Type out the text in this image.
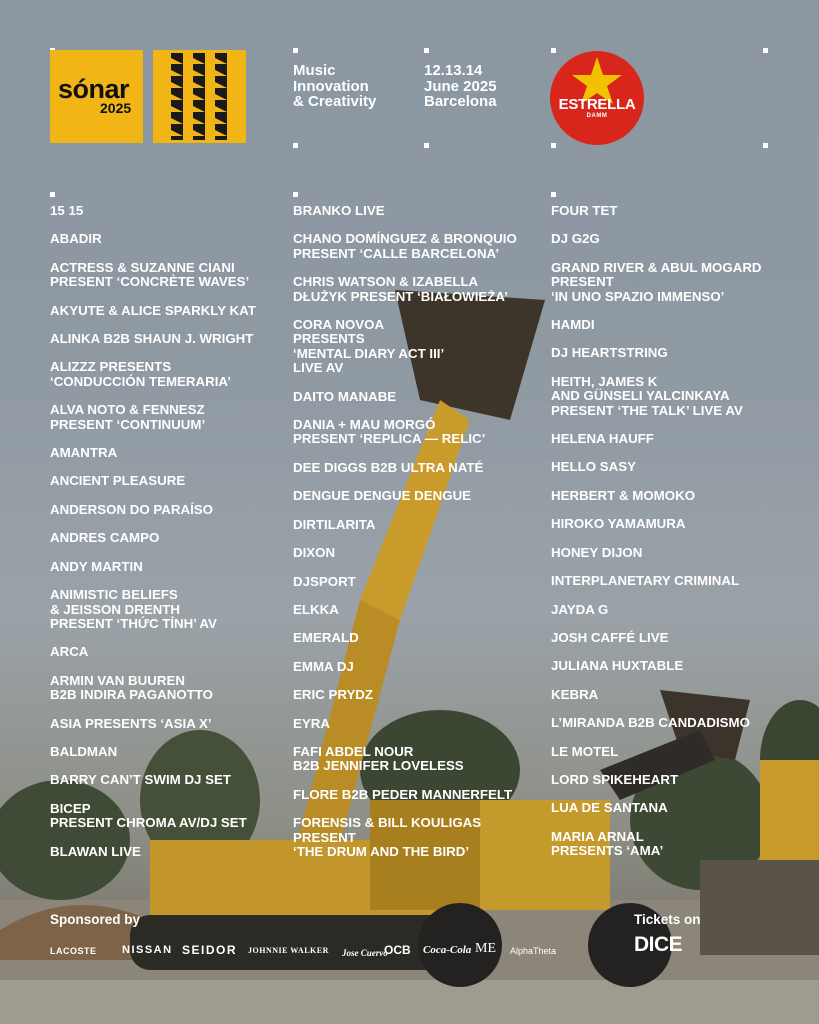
sónar
2025
Music
Innovation
& Creativity
12.13.14
June 2025
Barcelona	ESTRELLA
DAMM

15 15

ABADIR

ACTRESS & SUZANNE CIANI
PRESENT ‘CONCRÈTE WAVES’

AKYUTE & ALICE SPARKLY KAT

ALINKA B2B SHAUN J. WRIGHT

ALIZZZ PRESENTS
‘CONDUCCIÓN TEMERARIA’

ALVA NOTO & FENNESZ
PRESENT ‘CONTINUUM’

AMANTRA

ANCIENT PLEASURE

ANDERSON DO PARAÍSO

ANDRES CAMPO

ANDY MARTIN

ANIMISTIC BELIEFS
& JEISSON DRENTH
PRESENT ‘THỨC TỈNH’ AV

ARCA

ARMIN VAN BUUREN
B2B INDIRA PAGANOTTO

ASIA PRESENTS ‘ASIA X’

BALDMAN

BARRY CAN’T SWIM DJ SET

BICEP
PRESENT CHROMA AV/DJ SET

BLAWAN LIVE

BRANKO LIVE

CHANO DOMÍNGUEZ & BRONQUIO
PRESENT ‘CALLE BARCELONA’

CHRIS WATSON & IZABELLA
DŁUŻYK PRESENT ‘BIAŁOWIEŻA’

CORA NOVOA
PRESENTS
‘MENTAL DIARY ACT III’
LIVE AV

DAITO MANABE

DANIA + MAU MORGÓ
PRESENT ‘REPLICA — RELIC’

DEE DIGGS B2B ULTRA NATÉ

DENGUE DENGUE DENGUE

DIRTILARITA

DIXON

DJSPORT

ELKKA

EMERALD

EMMA DJ

ERIC PRYDZ

EYRA

FAFI ABDEL NOUR
B2B JENNIFER LOVELESS

FLORE B2B PEDER MANNERFELT

FORENSIS & BILL KOULIGAS
PRESENT
‘THE DRUM AND THE BIRD’

FOUR TET

DJ G2G

GRAND RIVER & ABUL MOGARD
PRESENT
‘IN UNO SPAZIO IMMENSO’

HAMDI

DJ HEARTSTRING

HEITH, JAMES K
AND GÜNSELI YALCINKAYA
PRESENT ‘THE TALK’ LIVE AV

HELENA HAUFF

HELLO SASY

HERBERT & MOMOKO

HIROKO YAMAMURA

HONEY DIJON

INTERPLANETARY CRIMINAL

JAYDA G

JOSH CAFFÉ LIVE

JULIANA HUXTABLE

KEBRA

L’MIRANDA B2B CANDADISMO

LE MOTEL

LORD SPIKEHEART

LUA DE SANTANA

MARIA ARNAL
PRESENTS ‘AMA’

Sponsored by
LACOSTE NISSAN SEIDOR JOHNNIE WALKER Jose Cuervo
OCB Coca-Cola ME AlphaTheta
Tickets on
DICE
